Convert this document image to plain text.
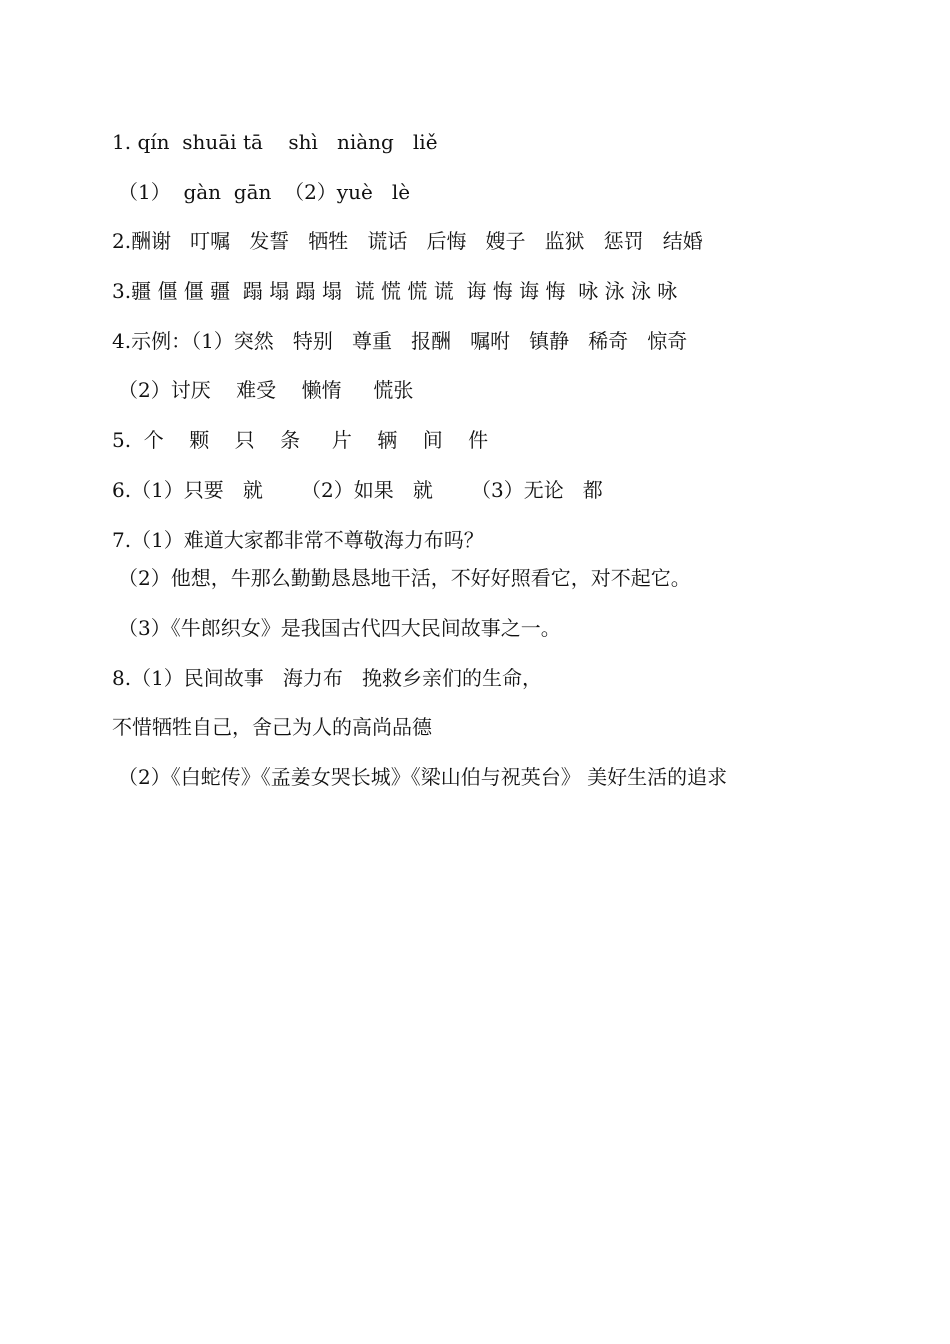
1. qín  shuāi tā    shì   niàng   liě
（1）  gàn  gān  （2）yuè   lè
2.酬谢   叮嘱   发誓   牺牲   谎话   后悔   嫂子   监狱   惩罚   结婚
3.疆 僵 僵 疆  蹋 塌 蹋 塌  谎 慌 慌 谎  诲 悔 诲 悔  咏 泳 泳 咏
4.示例：（1）突然   特别   尊重   报酬   嘱咐   镇静   稀奇   惊奇
（2）讨厌    难受    懒惰     慌张
5.  个    颗    只    条     片    辆    间    件
6.（1）只要   就      （2）如果   就      （3）无论   都
7.（1）难道大家都非常不尊敬海力布吗？
（2）他想，牛那么勤勤恳恳地干活，不好好照看它，对不起它。
（3）《牛郎织女》是我国古代四大民间故事之一。
8.（1）民间故事   海力布   挽救乡亲们的生命，
不惜牺牲自己，舍己为人的高尚品德
（2）《白蛇传》《孟姜女哭长城》《梁山伯与祝英台》 美好生活的追求
